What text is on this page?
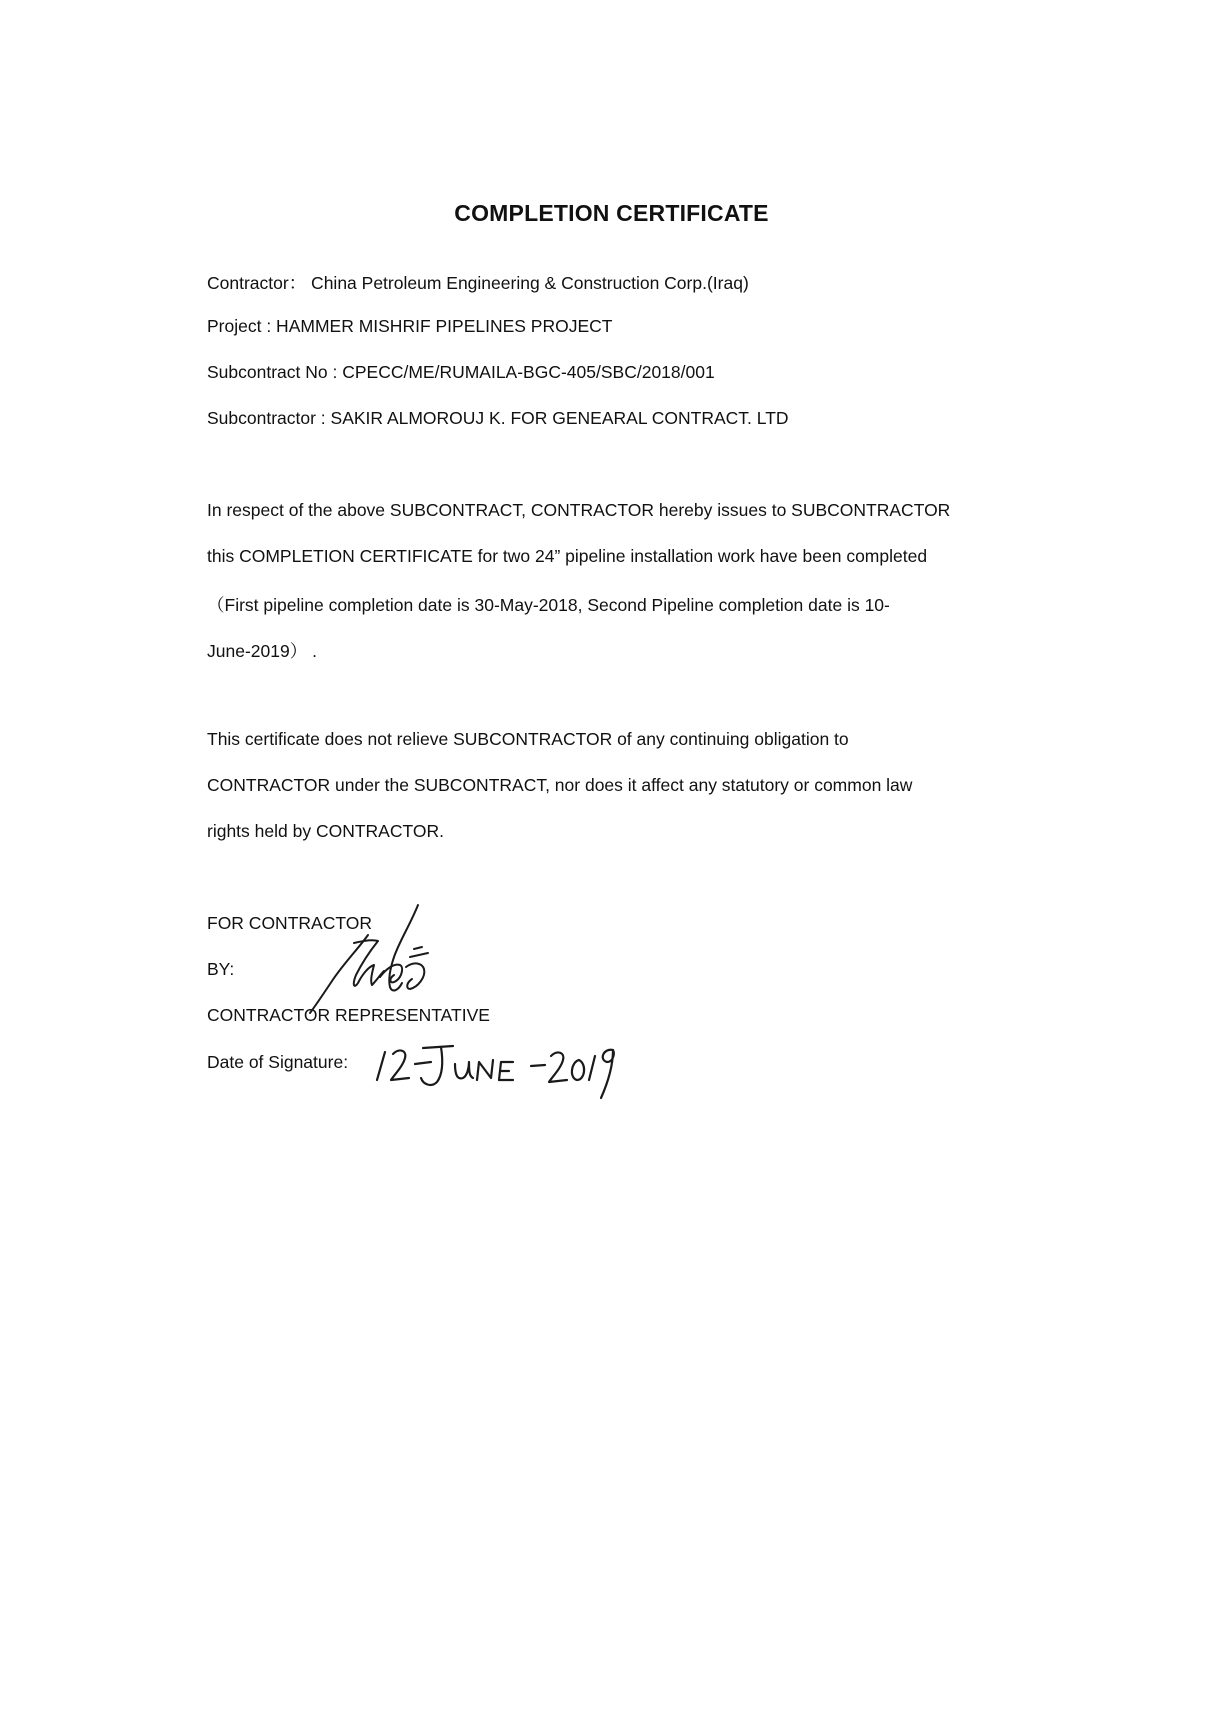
COMPLETION CERTIFICATE
Contractor： China Petroleum Engineering & Construction Corp.(Iraq)
Project : HAMMER MISHRIF PIPELINES PROJECT
Subcontract No : CPECC/ME/RUMAILA-BGC-405/SBC/2018/001
Subcontractor : SAKIR ALMOROUJ K. FOR GENEARAL CONTRACT. LTD
In respect of the above SUBCONTRACT, CONTRACTOR hereby issues to SUBCONTRACTOR
this COMPLETION CERTIFICATE for two 24” pipeline installation work have been completed
（First pipeline completion date is 30-May-2018, Second Pipeline completion date is 10-
June-2019） .
This certificate does not relieve SUBCONTRACTOR of any continuing obligation to
CONTRACTOR under the SUBCONTRACT, nor does it affect any statutory or common law
rights held by CONTRACTOR.
FOR CONTRACTOR
BY:
CONTRACTOR REPRESENTATIVE
Date of Signature:
